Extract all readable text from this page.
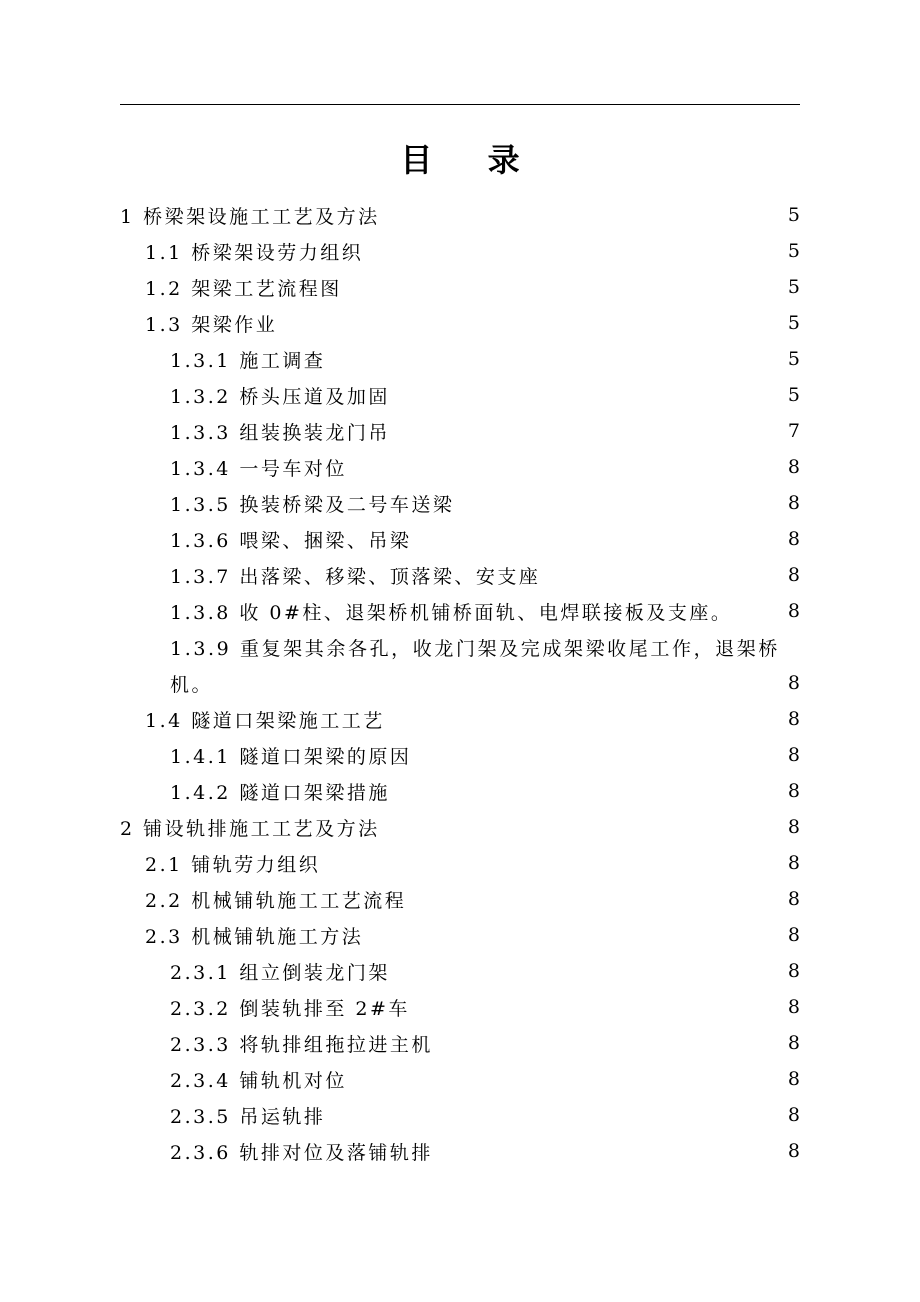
目 录
1 桥梁架设施工工艺及方法	5
1.1 桥梁架设劳力组织	5
1.2 架梁工艺流程图	5
1.3 架梁作业	5
1.3.1 施工调查	5
1.3.2 桥头压道及加固	5
1.3.3 组装换装龙门吊	7
1.3.4 一号车对位	8
1.3.5 换装桥梁及二号车送梁	8
1.3.6 喂梁、捆梁、吊梁	8
1.3.7 出落梁、移梁、顶落梁、安支座	8
1.3.8 收 0#柱、退架桥机铺桥面轨、电焊联接板及支座。	8
1.3.9 重复架其余各孔，收龙门架及完成架梁收尾工作，退架桥
机。	8
1.4 隧道口架梁施工工艺	8
1.4.1 隧道口架梁的原因	8
1.4.2 隧道口架梁措施	8
2 铺设轨排施工工艺及方法	8
2.1 铺轨劳力组织	8
2.2 机械铺轨施工工艺流程	8
2.3 机械铺轨施工方法	8
2.3.1 组立倒装龙门架	8
2.3.2 倒装轨排至 2#车	8
2.3.3 将轨排组拖拉进主机	8
2.3.4 铺轨机对位	8
2.3.5 吊运轨排	8
2.3.6 轨排对位及落铺轨排	8
